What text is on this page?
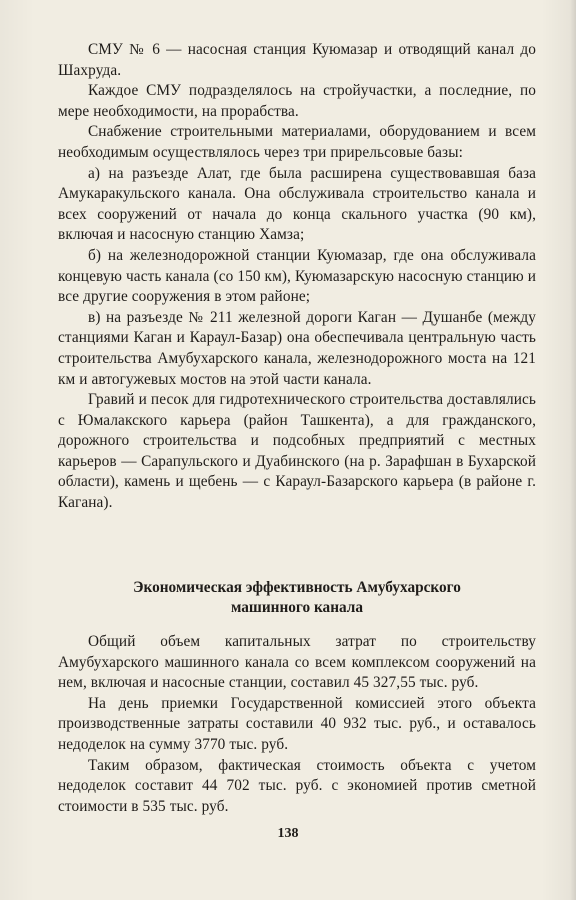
СМУ № 6 — насосная станция Куюмазар и отводящий канал до Шахруда.

Каждое СМУ подразделялось на стройучастки, а последние, по мере необходимости, на прорабства.

Снабжение строительными материалами, оборудованием и всем необходимым осуществлялось через три прирельсовые базы:

а) на разъезде Алат, где была расширена существовавшая база Амукаракульского канала. Она обслуживала строительство канала и всех сооружений от начала до конца скального участка (90 км), включая и насосную станцию Хамза;

б) на железнодорожной станции Куюмазар, где она обслуживала концевую часть канала (со 150 км), Куюмазарскую насосную станцию и все другие сооружения в этом районе;

в) на разъезде № 211 железной дороги Каган — Душанбе (между станциями Каган и Караул-Базар) она обеспечивала центральную часть строительства Амубухарского канала, железнодорожного моста на 121 км и автогужевых мостов на этой части канала.

Гравий и песок для гидротехнического строительства доставлялись с Юмалакского карьера (район Ташкента), а для гражданского, дорожного строительства и подсобных предприятий с местных карьеров — Сарапульского и Дуабинского (на р. Зарафшан в Бухарской области), камень и щебень — с Караул-Базарского карьера (в районе г. Кагана).

Экономическая эффективность Амубухарского
машинного канала

Общий объем капитальных затрат по строительству Амубухарского машинного канала со всем комплексом сооружений на нем, включая и насосные станции, составил 45 327,55 тыс. руб.

На день приемки Государственной комиссией этого объекта производственные затраты составили 40 932 тыс. руб., и оставалось недоделок на сумму 3770 тыс. руб.

Таким образом, фактическая стоимость объекта с учетом недоделок составит 44 702 тыс. руб. с экономией против сметной стоимости в 535 тыс. руб.

138
